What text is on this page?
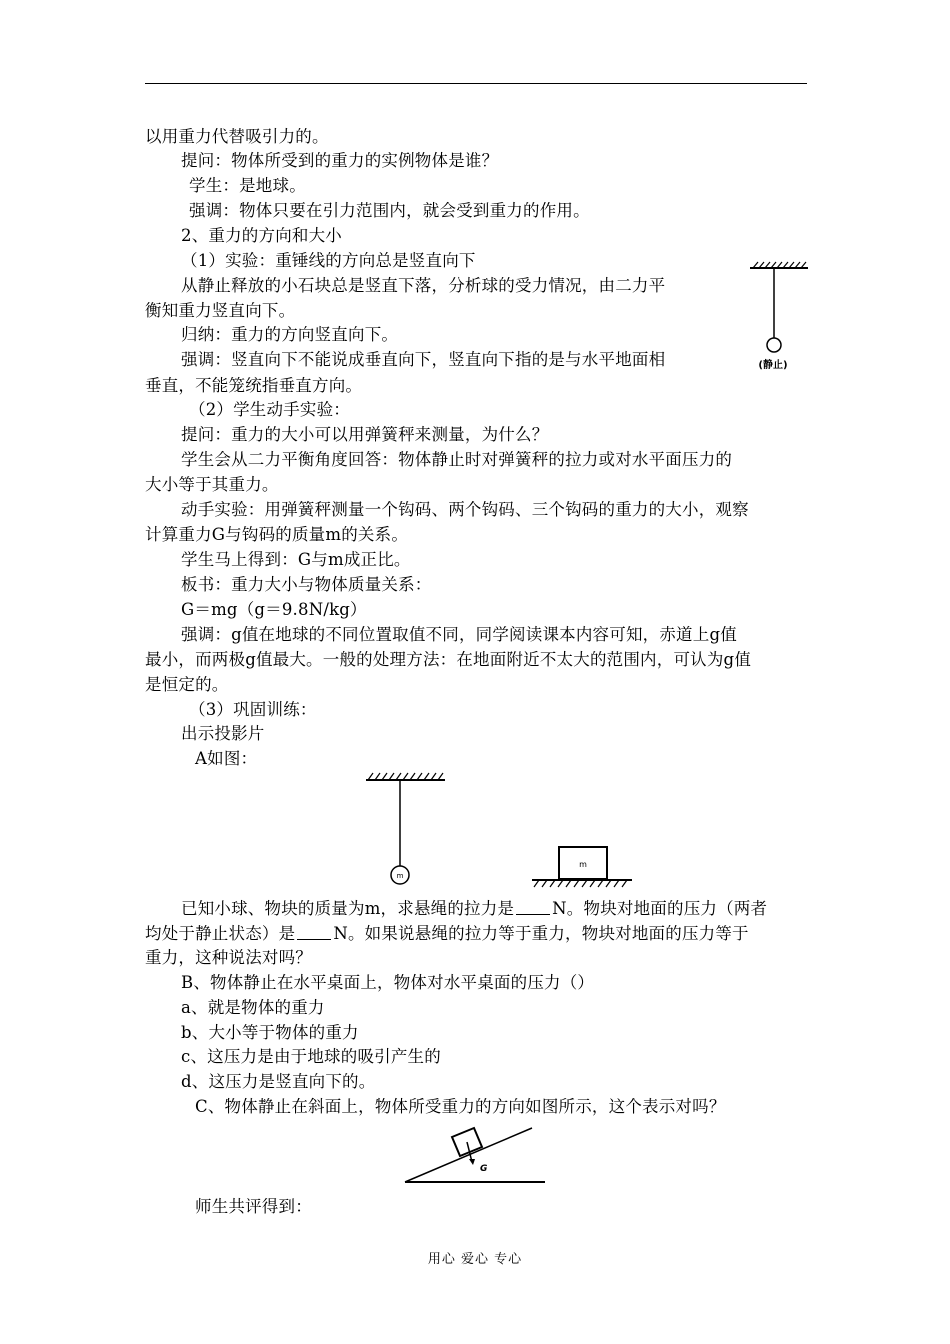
以用重力代替吸引力的。
提问：物体所受到的重力的实例物体是谁？
学生：是地球。
强调：物体只要在引力范围内，就会受到重力的作用。
2、重力的方向和大小
（1）实验：重锤线的方向总是竖直向下
从静止释放的小石块总是竖直下落，分析球的受力情况，由二力平
衡知重力竖直向下。
归纳：重力的方向竖直向下。
强调：竖直向下不能说成垂直向下，竖直向下指的是与水平地面相
垂直，不能笼统指垂直方向。
（2）学生动手实验：
提问：重力的大小可以用弹簧秤来测量，为什么？
学生会从二力平衡角度回答：物体静止时对弹簧秤的拉力或对水平面压力的
大小等于其重力。
动手实验：用弹簧秤测量一个钩码、两个钩码、三个钩码的重力的大小，观察
计算重力G与钩码的质量m的关系。
学生马上得到：G与m成正比。
板书：重力大小与物体质量关系：
G＝mg（g＝9.8N/kg）
强调：g值在地球的不同位置取值不同，同学阅读课本内容可知，赤道上g值
最小，而两极g值最大。一般的处理方法：在地面附近不太大的范围内，可认为g值
是恒定的。
（3）巩固训练：
出示投影片
A如图：
已知小球、物块的质量为m，求悬绳的拉力是 N。物块对地面的压力（两者
均处于静止状态）是 N。如果说悬绳的拉力等于重力，物块对地面的压力等于
重力，这种说法对吗？
B、物体静止在水平桌面上，物体对水平桌面的压力（）
a、就是物体的重力
b、大小等于物体的重力
c、这压力是由于地球的吸引产生的
d、这压力是竖直向下的。
C、物体静止在斜面上，物体所受重力的方向如图所示，这个表示对吗？
师生共评得到：
(静止)
m
m
G
用心 爱心 专心
